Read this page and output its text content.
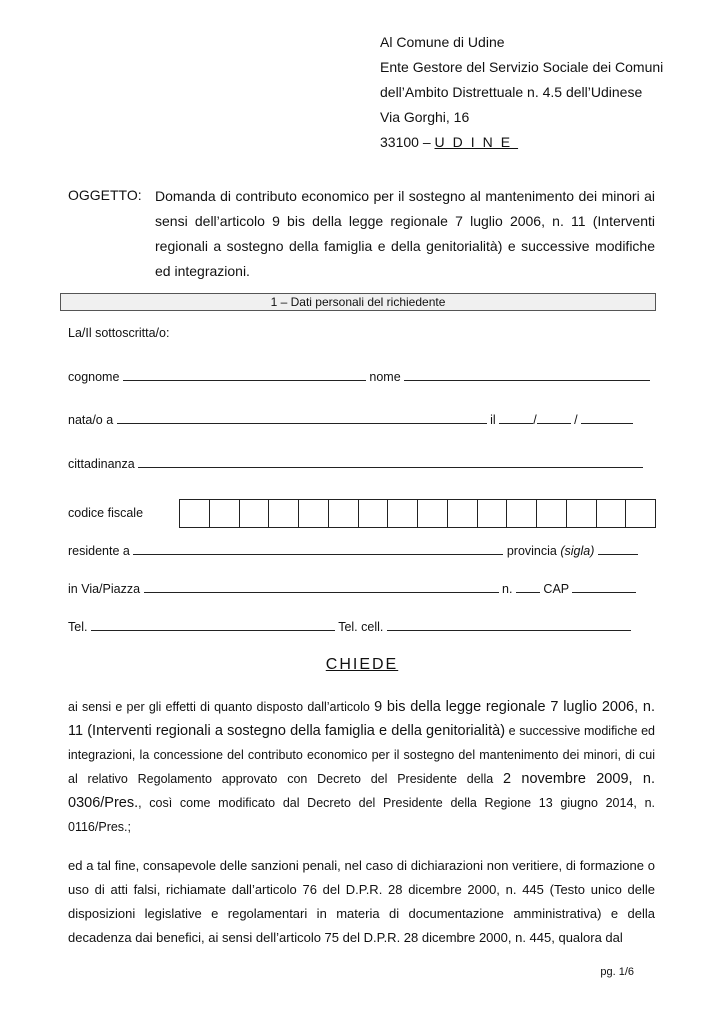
Al Comune di Udine
Ente Gestore del Servizio Sociale dei Comuni
dell’Ambito Distrettuale n. 4.5 dell’Udinese
Via Gorghi, 16
33100 – UDINE
OGGETTO: Domanda di contributo economico per il sostegno al mantenimento dei minori ai sensi dell’articolo 9 bis della legge regionale 7 luglio 2006, n. 11 (Interventi regionali a sostegno della famiglia e della genitorialità) e successive modifiche ed integrazioni.
1 – Dati personali del richiedente
La/Il sottoscritta/o:
cognome	nome
nata/o a	il	/	/
cittadinanza
codice fiscale
residente a	provincia (sigla)
in Via/Piazza	n. CAP
Tel.	Tel. cell.
CHIEDE
ai sensi e per gli effetti di quanto disposto dall’articolo 9 bis della legge regionale 7 luglio 2006, n. 11 (Interventi regionali a sostegno della famiglia e della genitorialità) e successive modifiche ed integrazioni, la concessione del contributo economico per il sostegno del mantenimento dei minori, di cui al relativo Regolamento approvato con Decreto del Presidente della 2 novembre 2009, n. 0306/Pres., così come modificato dal Decreto del Presidente della Regione 13 giugno 2014, n. 0116/Pres.;
ed a tal fine, consapevole delle sanzioni penali, nel caso di dichiarazioni non veritiere, di formazione o uso di atti falsi, richiamate dall’articolo 76 del D.P.R. 28 dicembre 2000, n. 445 (Testo unico delle disposizioni legislative e regolamentari in materia di documentazione amministrativa) e della decadenza dai benefici, ai sensi dell’articolo 75 del D.P.R. 28 dicembre 2000, n. 445, qualora dal
pg. 1/6
